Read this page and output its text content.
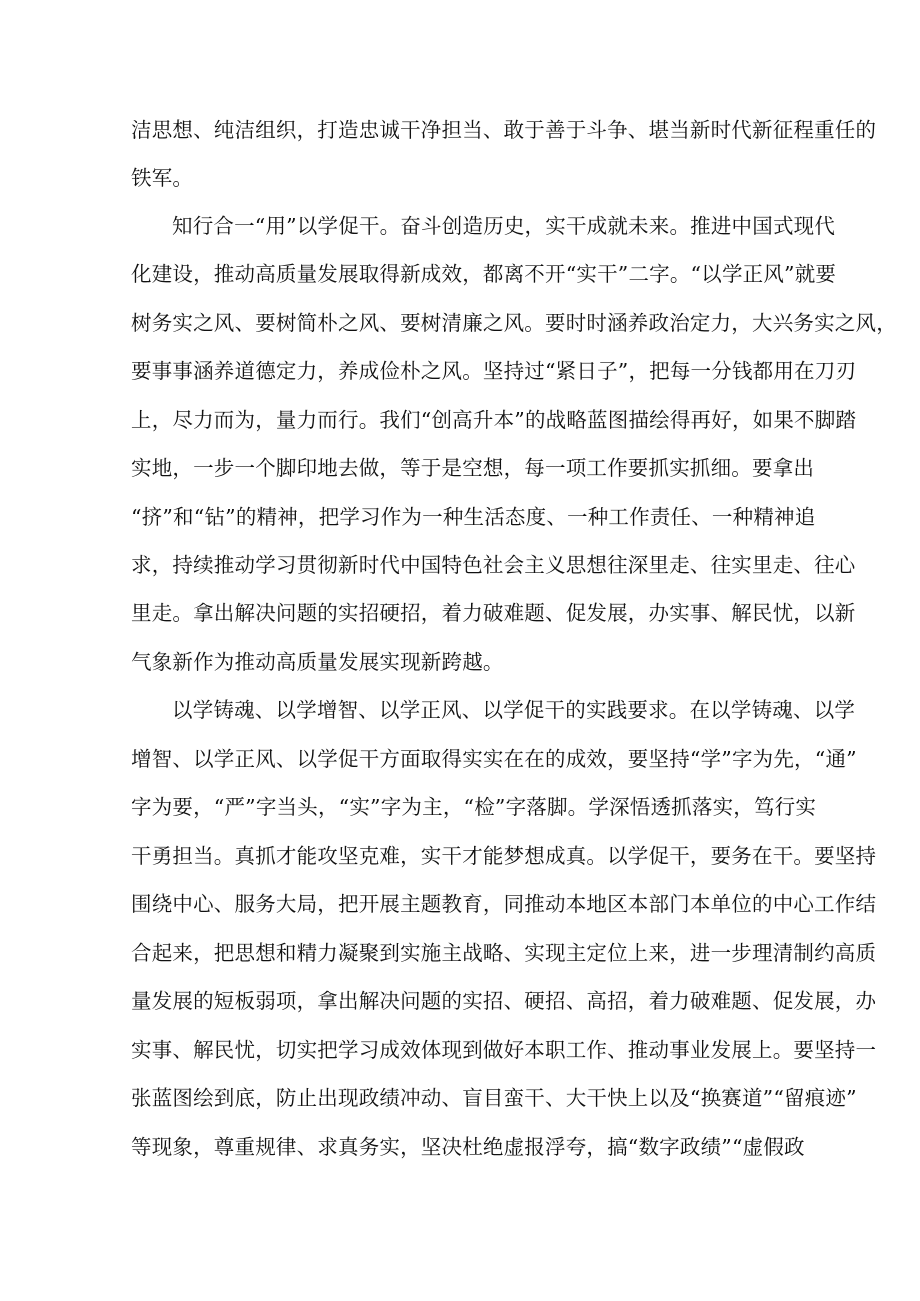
洁思想、纯洁组织，打造忠诚干净担当、敢于善于斗争、堪当新时代新征程重任的
铁军。
知行合一“用”以学促干。奋斗创造历史，实干成就未来。推进中国式现代
化建设，推动高质量发展取得新成效，都离不开“实干”二字。“以学正风”就要
树务实之风、要树简朴之风、要树清廉之风。要时时涵养政治定力，大兴务实之风，
要事事涵养道德定力，养成俭朴之风。坚持过“紧日子”，把每一分钱都用在刀刃
上，尽力而为，量力而行。我们“创高升本”的战略蓝图描绘得再好，如果不脚踏
实地，一步一个脚印地去做，等于是空想，每一项工作要抓实抓细。要拿出
“挤”和“钻”的精神，把学习作为一种生活态度、一种工作责任、一种精神追
求，持续推动学习贯彻新时代中国特色社会主义思想往深里走、往实里走、往心
里走。拿出解决问题的实招硬招，着力破难题、促发展，办实事、解民忧，以新
气象新作为推动高质量发展实现新跨越。
以学铸魂、以学增智、以学正风、以学促干的实践要求。在以学铸魂、以学
增智、以学正风、以学促干方面取得实实在在的成效，要坚持“学”字为先，“通”
字为要，“严”字当头，“实”字为主，“检”字落脚。学深悟透抓落实，笃行实
干勇担当。真抓才能攻坚克难，实干才能梦想成真。以学促干，要务在干。要坚持
围绕中心、服务大局，把开展主题教育，同推动本地区本部门本单位的中心工作结
合起来，把思想和精力凝聚到实施主战略、实现主定位上来，进一步理清制约高质
量发展的短板弱项，拿出解决问题的实招、硬招、高招，着力破难题、促发展，办
实事、解民忧，切实把学习成效体现到做好本职工作、推动事业发展上。要坚持一
张蓝图绘到底，防止出现政绩冲动、盲目蛮干、大干快上以及“换赛道”“留痕迹”
等现象，尊重规律、求真务实，坚决杜绝虚报浮夸，搞“数字政绩”“虚假政
